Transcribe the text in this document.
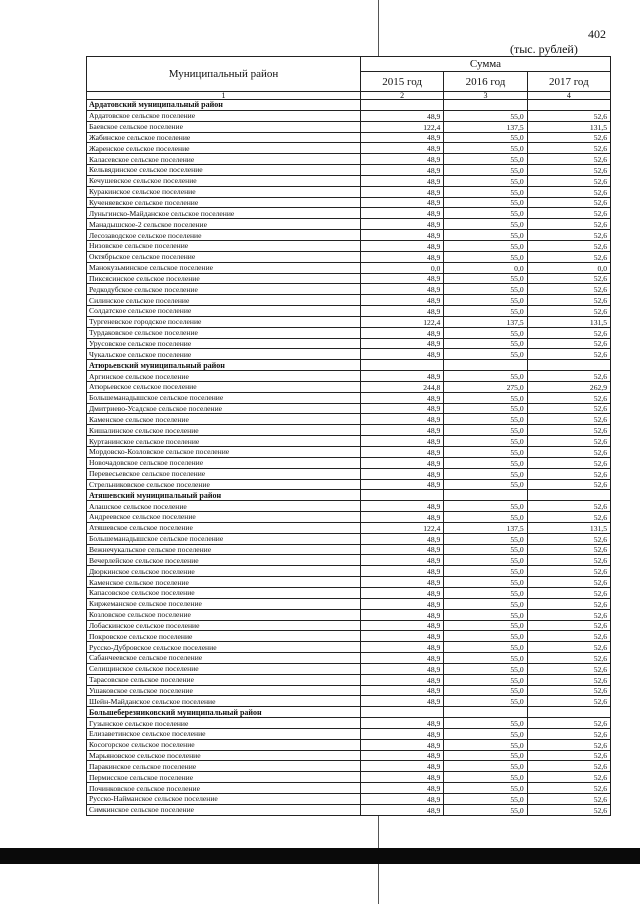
402
(тыс. рублей)
Муниципальный район	Сумма		
	2015 год	2016 год	2017 год
1	2	3	4
Ардатовский муниципальный район			
Ардатовское сельское поселение	48,9	55,0	52,6
Баевское сельское поселение	122,4	137,5	131,5
Жабинское сельское поселение	48,9	55,0	52,6
Жаренское сельское поселение	48,9	55,0	52,6
Каласевское сельское поселение	48,9	55,0	52,6
Кельвядинское сельское поселение	48,9	55,0	52,6
Кечушевское сельское поселение	48,9	55,0	52,6
Куракинское сельское поселение	48,9	55,0	52,6
Кученяевское сельское поселение	48,9	55,0	52,6
Луньгинско-Майданское сельское поселение	48,9	55,0	52,6
Манадышское-2 сельское поселение	48,9	55,0	52,6
Лесозаводское сельское поселение	48,9	55,0	52,6
Низовское сельское поселение	48,9	55,0	52,6
Октябрьское сельское поселение	48,9	55,0	52,6
Манокузьминское сельское поселение	0,0	0,0	0,0
Пиксясинское сельское поселение	48,9	55,0	52,6
Редкодубское сельское поселение	48,9	55,0	52,6
Силинское сельское поселение	48,9	55,0	52,6
Солдатское сельское поселение	48,9	55,0	52,6
Тургеневское городское поселение	122,4	137,5	131,5
Турдаковское сельское поселение	48,9	55,0	52,6
Урусовское сельское поселение	48,9	55,0	52,6
Чукальское сельское поселение	48,9	55,0	52,6
Атюрьевский муниципальный район			
Аргинское сельское поселение	48,9	55,0	52,6
Атюрьевское сельское поселение	244,8	275,0	262,9
Большеманадышское сельское поселение	48,9	55,0	52,6
Дмитриево-Усадское сельское поселение	48,9	55,0	52,6
Каменское сельское поселение	48,9	55,0	52,6
Кишалинское сельское поселение	48,9	55,0	52,6
Куртанинское сельское поселение	48,9	55,0	52,6
Мордовско-Козловское сельское поселение	48,9	55,0	52,6
Новочадовское сельское поселение	48,9	55,0	52,6
Перевесьевское сельское поселение	48,9	55,0	52,6
Стрельниковское сельское поселение	48,9	55,0	52,6
Атяшевский муниципальный район			
Алашское сельское поселение	48,9	55,0	52,6
Андреевское сельское поселение	48,9	55,0	52,6
Атяшевское сельское поселение	122,4	137,5	131,5
Большеманадышское сельское поселение	48,9	55,0	52,6
Вежнечукальское сельское поселение	48,9	55,0	52,6
Вечерлейское сельское поселение	48,9	55,0	52,6
Дюркинское сельское поселение	48,9	55,0	52,6
Каменское сельское поселение	48,9	55,0	52,6
Капасовское сельское поселение	48,9	55,0	52,6
Киржеманское сельское поселение	48,9	55,0	52,6
Козловское сельское поселение	48,9	55,0	52,6
Лобаскинское сельское поселение	48,9	55,0	52,6
Покровское сельское поселение	48,9	55,0	52,6
Русско-Дубровское сельское поселение	48,9	55,0	52,6
Сабанчеевское сельское поселение	48,9	55,0	52,6
Селищинское сельское поселение	48,9	55,0	52,6
Тарасовское сельское поселение	48,9	55,0	52,6
Ушаковское сельское поселение	48,9	55,0	52,6
Шейн-Майданское сельское поселение	48,9	55,0	52,6
Большеберезниковский муниципальный район			
Гузынское сельское поселение	48,9	55,0	52,6
Елизаветинское сельское поселение	48,9	55,0	52,6
Косогорское сельское поселение	48,9	55,0	52,6
Марьяновское сельское поселение	48,9	55,0	52,6
Паракинское сельское поселение	48,9	55,0	52,6
Пермисское сельское поселение	48,9	55,0	52,6
Починковское сельское поселение	48,9	55,0	52,6
Русско-Найманское сельское поселение	48,9	55,0	52,6
Симкинское сельское поселение	48,9	55,0	52,6
